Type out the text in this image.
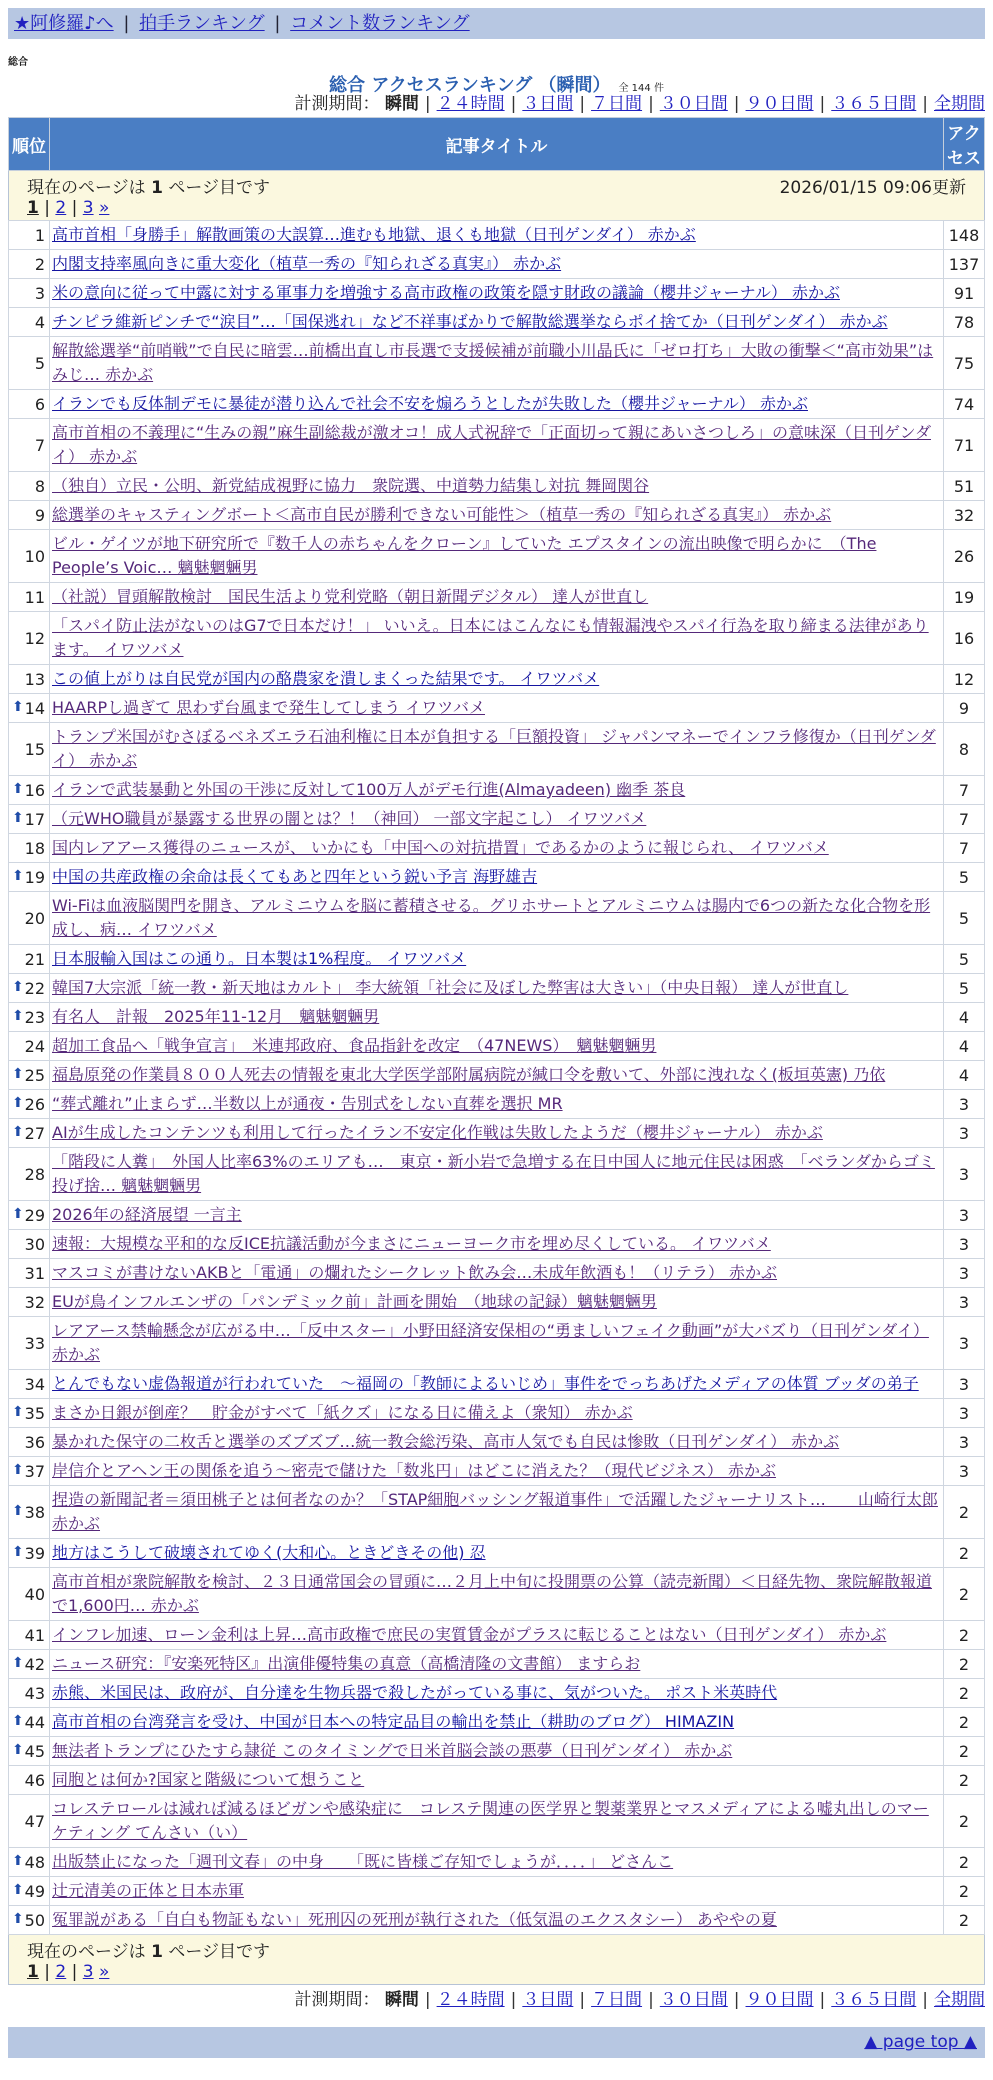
★阿修羅♪へ | 拍手ランキング | コメント数ランキング
総合
総合 アクセスランキング （瞬間） 全 144 件
計測期間： 瞬間 | ２４時間 | ３日間 | ７日間 | ３０日間 | ９０日間 | ３６５日間 | 全期間
現在のページは 1 ページ目です 2026/01/15 09:06更新
1 | 2 | 3 »		

順位	記事タイトル	アクセス
1	高市首相「身勝手」解散画策の大誤算…進むも地獄、退くも地獄（日刊ゲンダイ） 赤かぶ	148
2	内閣支持率風向きに重大変化（植草一秀の『知られざる真実』） 赤かぶ	137
3	米の意向に従って中露に対する軍事力を増強する高市政権の政策を隠す財政の議論（櫻井ジャーナル） 赤かぶ	91
4	チンピラ維新ピンチで“涙目”…「国保逃れ」など不祥事ばかりで解散総選挙ならポイ捨てか（日刊ゲンダイ） 赤かぶ	78
5	解散総選挙“前哨戦”で自民に暗雲…前橋出直し市長選で支援候補が前職小川晶氏に「ゼロ打ち」大敗の衝撃＜“高市効果”はみじ… 赤かぶ	75
6	イランでも反体制デモに暴徒が潜り込んで社会不安を煽ろうとしたが失敗した（櫻井ジャーナル） 赤かぶ	74
7	高市首相の不義理に“生みの親”麻生副総裁が激オコ！成人式祝辞で「正面切って親にあいさつしろ」の意味深（日刊ゲンダイ） 赤かぶ	71
8	（独自）立民・公明、新党結成視野に協力　衆院選、中道勢力結集し対抗 舞岡関谷	51
9	総選挙のキャスティングボート＜高市自民が勝利できない可能性＞（植草一秀の『知られざる真実』） 赤かぶ	32
10	ビル・ゲイツが地下研究所で『数千人の赤ちゃんをクローン』していた エプスタインの流出映像で明らかに　（The People’s Voic… 魑魅魍魎男	26
11	（社説）冒頭解散検討　国民生活より党利党略（朝日新聞デジタル） 達人が世直し	19
12	「スパイ防止法がないのはG7で日本だけ！」 いいえ。日本にはこんなにも情報漏洩やスパイ行為を取り締まる法律があります。 イワツバメ	16
13	この値上がりは自民党が国内の酪農家を潰しまくった結果です。 イワツバメ	12

⬆ 14	HAARPし過ぎて 思わず台風まで発生してしまう イワツバメ	9
15	トランプ米国がむさぼるベネズエラ石油利権に日本が負担する「巨額投資」 ジャパンマネーでインフラ修復か（日刊ゲンダイ） 赤かぶ	8

⬆ 16	イランで武装暴動と外国の干渉に反対して100万人がデモ行進(Almayadeen) 幽季 茶良	7

⬆ 17	（元WHO職員が暴露する世界の闇とは？！（神回） 一部文字起こし） イワツバメ	7
18	国内レアアース獲得のニュースが、 いかにも「中国への対抗措置」であるかのように報じられ、 イワツバメ	7

⬆ 19	中国の共産政権の余命は長くてもあと四年という鋭い予言 海野雄吉	5
20	Wi-Fiは血液脳関門を開き、アルミニウムを脳に蓄積させる。グリホサートとアルミニウムは腸内で6つの新たな化合物を形成し、病… イワツバメ	5
21	日本服輸入国はこの通り。日本製は1%程度。 イワツバメ	5

⬆ 22	韓国7大宗派「統一教・新天地はカルト」 李大統領「社会に及ぼした弊害は大きい」（中央日報） 達人が世直し	5

⬆ 23	有名人　計報　2025年11-12月　魑魅魍魎男	4
24	超加工食品へ「戦争宣言」　米連邦政府、食品指針を改定　（47NEWS）　魑魅魍魎男	4

⬆ 25	福島原発の作業員８００人死去の情報を東北大学医学部附属病院が緘口令を敷いて、外部に洩れなく(板垣英憲) 乃依	4

⬆ 26	“葬式離れ”止まらず…半数以上が通夜・告別式をしない直葬を選択 MR	3

⬆ 27	AIが生成したコンテンツも利用して行ったイラン不安定化作戦は失敗したようだ（櫻井ジャーナル） 赤かぶ	3
28	「階段に人糞」　外国人比率63%のエリアも…　東京・新小岩で急増する在日中国人に地元住民は困惑　「ベランダからゴミ投げ捨… 魑魅魍魎男	3

⬆ 29	2026年の経済展望 一言主	3
30	速報：大規模な平和的な反ICE抗議活動が今まさにニューヨーク市を埋め尽くしている。 イワツバメ	3
31	マスコミが書けないAKBと「電通」の爛れたシークレット飲み会…未成年飲酒も！（リテラ） 赤かぶ	3
32	EUが鳥インフルエンザの「パンデミック前」計画を開始　（地球の記録）魑魅魍魎男	3
33	レアアース禁輸懸念が広がる中…「反中スター」小野田経済安保相の“勇ましいフェイク動画”が大バズり（日刊ゲンダイ） 赤かぶ	3
34	とんでもない虚偽報道が行われていた　～福岡の「教師によるいじめ」事件をでっちあげたメディアの体質 ブッダの弟子	3

⬆ 35	まさか日銀が倒産？　貯金がすべて「紙クズ」になる日に備えよ（衆知） 赤かぶ	3
36	暴かれた保守の二枚舌と選挙のズブズブ…統一教会総汚染、高市人気でも自民は惨敗（日刊ゲンダイ） 赤かぶ	3

⬆ 37	岸信介とアヘン王の関係を追う〜密売で儲けた「数兆円」はどこに消えた？（現代ビジネス） 赤かぶ	3

⬆ 38	捏造の新聞記者＝須田桃子とは何者なのか？「STAP細胞バッシング報道事件」で活躍したジャーナリスト…　　山崎行太郎 赤かぶ	2

⬆ 39	地方はこうして破壊されてゆく(大和心。ときどきその他) 忍	2
40	高市首相が衆院解散を検討、２３日通常国会の冒頭に…２月上中旬に投開票の公算（読売新聞）＜日経先物、衆院解散報道で1,600円… 赤かぶ	2
41	インフレ加速、ローン金利は上昇…高市政権で庶民の実質賃金がプラスに転じることはない（日刊ゲンダイ） 赤かぶ	2

⬆ 42	ニュース研究：『安楽死特区』出演俳優特集の真意（高橋清隆の文書館） ますらお	2
43	赤熊、米国民は、政府が、自分達を生物兵器で殺したがっている事に、気がついた。 ポスト米英時代	2

⬆ 44	高市首相の台湾発言を受け、中国が日本への特定品目の輸出を禁止（耕助のブログ） HIMAZIN	2

⬆ 45	無法者トランプにひたすら隷従 このタイミングで日米首脳会談の悪夢（日刊ゲンダイ） 赤かぶ	2
46	同胞とは何か?国家と階級について想うこと	2
47	コレステロールは減れば減るほどガンや感染症に　コレステ関連の医学界と製薬業界とマスメディアによる嘘丸出しのマーケティング てんさい（い）	2

⬆ 48	出版禁止になった「週刊文春」の中身　　「既に皆様ご存知でしょうが．．．．」 どさんこ	2

⬆ 49	辻元清美の正体と日本赤軍	2

⬆ 50	冤罪説がある「自白も物証もない」死刑囚の死刑が執行された（低気温のエクスタシー） あややの夏	2

現在のページは 1 ページ目です
1 | 2 | 3 »		
計測期間： 瞬間 | ２４時間 | ３日間 | ７日間 | ３０日間 | ９０日間 | ３６５日間 | 全期間
▲ page top ▲
